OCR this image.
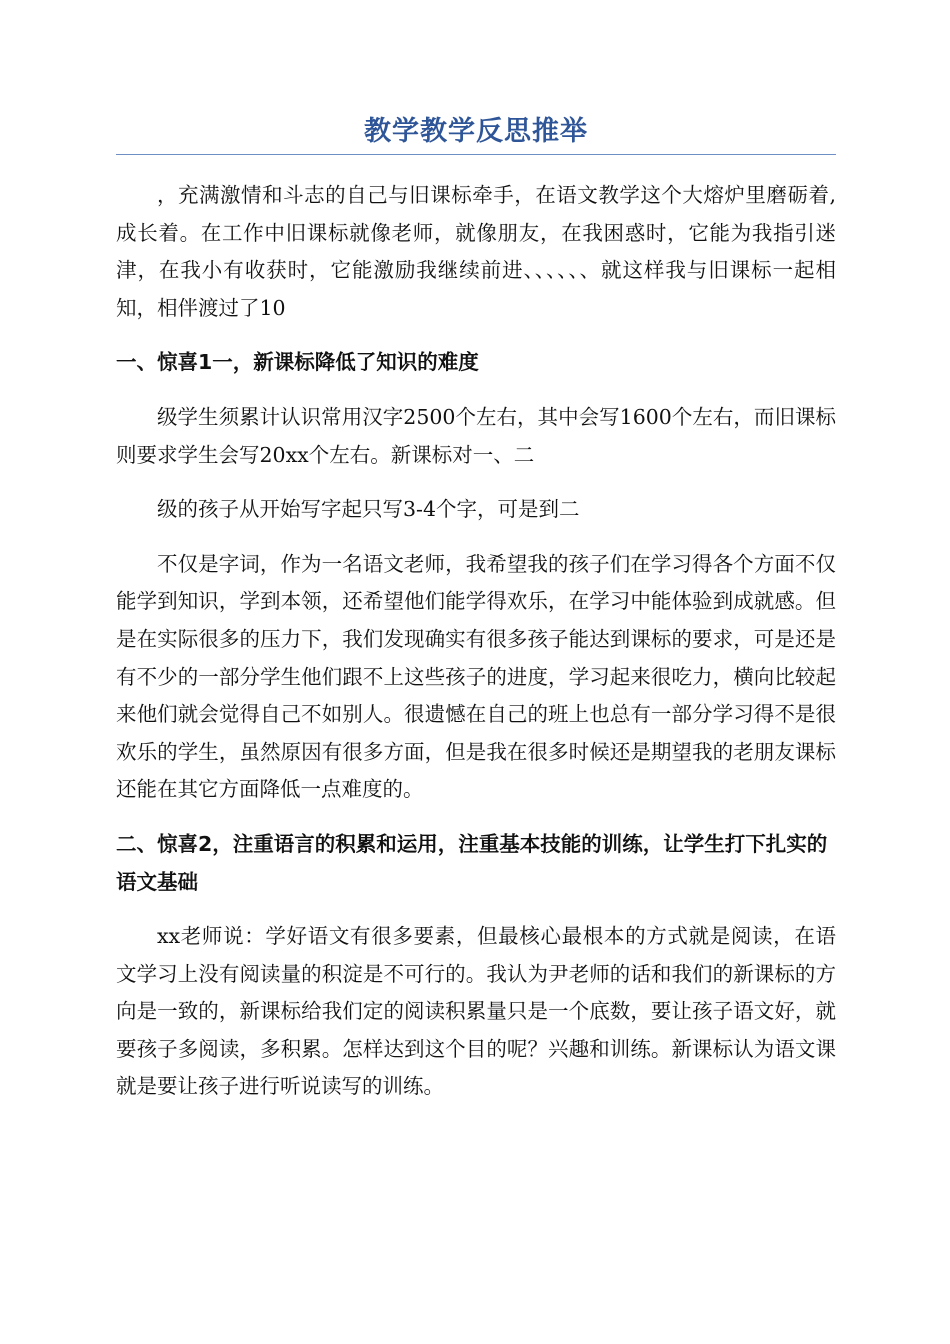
教学教学反思推举

，充满激情和斗志的自己与旧课标牵手，在语文教学这个大熔炉里磨砺着,成长着。在工作中旧课标就像老师，就像朋友，在我困惑时，它能为我指引迷津，在我小有收获时，它能激励我继续前进、、、、、、就这样我与旧课标一起相知，相伴渡过了10

一、惊喜1一，新课标降低了知识的难度

级学生须累计认识常用汉字2500个左右，其中会写1600个左右，而旧课标则要求学生会写20xx个左右。新课标对一、二

级的孩子从开始写字起只写3-4个字，可是到二

不仅是字词，作为一名语文老师，我希望我的孩子们在学习得各个方面不仅能学到知识，学到本领，还希望他们能学得欢乐，在学习中能体验到成就感。但是在实际很多的压力下，我们发现确实有很多孩子能达到课标的要求，可是还是有不少的一部分学生他们跟不上这些孩子的进度，学习起来很吃力，横向比较起来他们就会觉得自己不如别人。很遗憾在自己的班上也总有一部分学习得不是很欢乐的学生，虽然原因有很多方面，但是我在很多时候还是期望我的老朋友课标还能在其它方面降低一点难度的。

二、惊喜2，注重语言的积累和运用，注重基本技能的训练，让学生打下扎实的语文基础

xx老师说：学好语文有很多要素，但最核心最根本的方式就是阅读，在语文学习上没有阅读量的积淀是不可行的。我认为尹老师的话和我们的新课标的方向是一致的，新课标给我们定的阅读积累量只是一个底数，要让孩子语文好，就要孩子多阅读，多积累。怎样达到这个目的呢？兴趣和训练。新课标认为语文课就是要让孩子进行听说读写的训练。
